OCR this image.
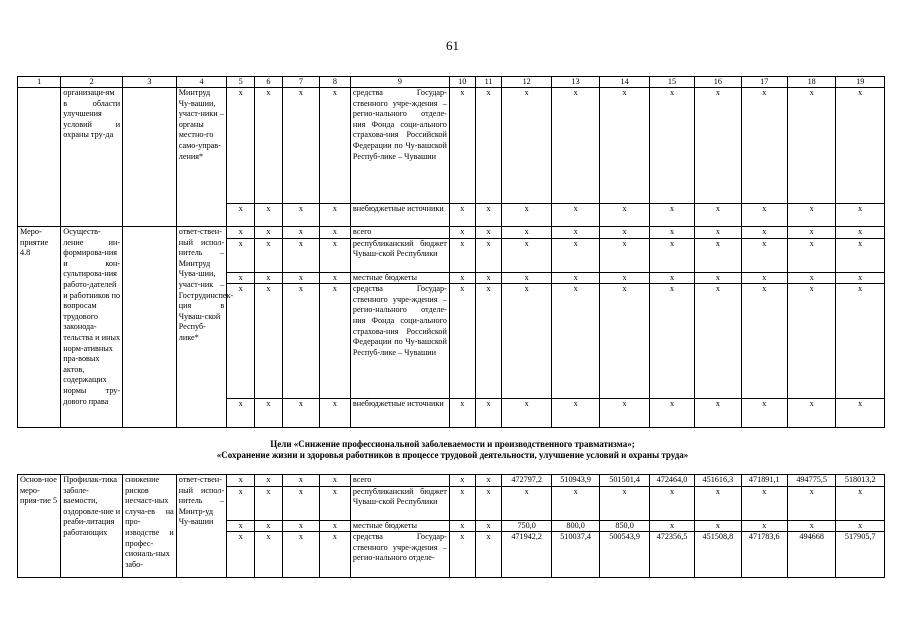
61
1	2	3	4	5	6	7	8	9	10	11	12	13	14	15	16	17	18	19
	организаци-ям в области улучшения условий и охраны тру-да		Минтруд Чу-вашии, участ-ники – органы местно-го само-управ-ления*	x	x	x	x	средства Государ-ственного учре-ждения – регио-нального отделе-ния Фонда соци-ального страхова-ния Российской Федерации по Чу-вашской Респуб-лике – Чувашии	x	x	x	x	x	x	x	x	x	x
				x	x	x	x	внебюджетные источники	x	x	x	x	x	x	x	x	x	x
Меро-приятие 4.8	Осуществ-ление ин-формирова-ния и кон-сультирова-ния работо-дателей и работников по вопросам трудового законода-тельства и иных норм-ативных пра-вовых актов, содержащих нормы тру-дового права		ответ-ствен-ный испол-нитель – Минтруд Чува-шии, участ-ник – Гострудинспек-ция в Чуваш-ской Респуб-лике*	x	x	x	x	всего	x	x	x	x	x	x	x	x	x	x
				x	x	x	x	республиканский бюджет Чуваш-ской Республики	x	x	x	x	x	x	x	x	x	x
				x	x	x	x	местные бюджеты	x	x	x	x	x	x	x	x	x	x
				x	x	x	x	средства Государ-ственного учре-ждения – регио-нального отделе-ния Фонда соци-ального страхова-ния Российской Федерации по Чу-вашской Респуб-лике – Чувашии	x	x	x	x	x	x	x	x	x	x
				x	x	x	x	внебюджетные источники	x	x	x	x	x	x	x	x	x	x
Цели «Снижение профессиональной заболеваемости и производственного травматизма»;
«Сохранение жизни и здоровья работников в процессе трудовой деятельности, улучшение условий и охраны труда»
Основ-ное меро-прия-тие 5	Профилак-тика заболе-ваемости, оздоровле-ние и реаби-литация работающих	снижение рисков несчаст-ных случа-ев на про-изводстве и профес-сиональ-ных забо-	ответ-ствен-ный испол-нитель – Минтр-уд Чу-вашии	x	x	x	x	всего	x	x	472797,2	510943,9	501501,4	472464,0	451616,3	471891,1	494775,5	518013,2
				x	x	x	x	республиканский бюджет Чуваш-ской Республики	x	x	x	x	x	x	x	x	x	x
				x	x	x	x	местные бюджеты	x	x	750,0	800,0	850,0	x	x	x	x	x
				x	x	x	x	средства Государ-ственного учре-ждения – регио-нального отделе-	x	x	471942,2	510037,4	500543,9	472356,5	451508,8	471783,6	494668	517905,7
